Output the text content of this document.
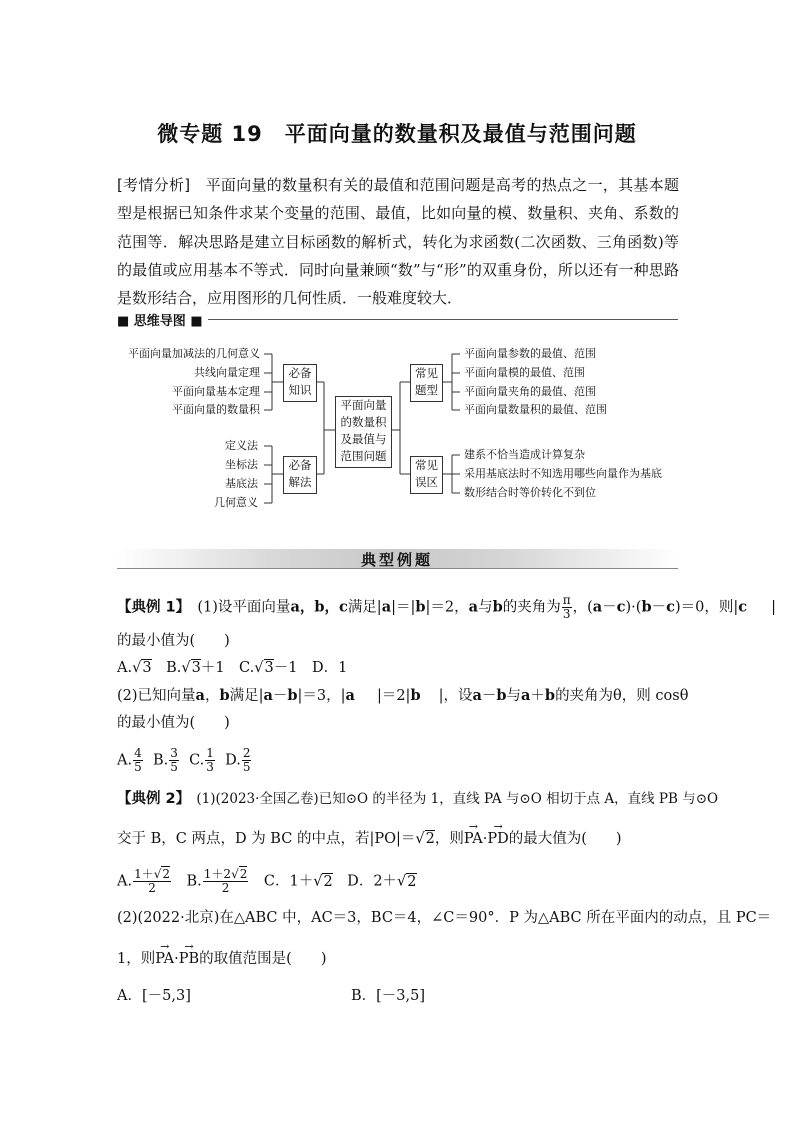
微专题 19　平面向量的数量积及最值与范围问题
[考情分析]　平面向量的数量积有关的最值和范围问题是高考的热点之一，其基本题型是根据已知条件求某个变量的范围、最值，比如向量的模、数量积、夹角、系数的范围等．解决思路是建立目标函数的解析式，转化为求函数(二次函数、三角函数)等的最值或应用基本不等式．同时向量兼顾“数”与“形”的双重身份，所以还有一种思路是数形结合，应用图形的几何性质．一般难度较大．
■ 思维导图 ■
平面向量加减法的几何意义
共线向量定理
平面向量基本定理
平面向量的数量积
定义法
坐标法
基底法
几何意义
必备
知识
必备
解法
平面向量
的数量积
及最值与
范围问题
常见
题型
常见
误区
平面向量参数的最值、范围
平面向量模的最值、范围
平面向量夹角的最值、范围
平面向量数量积的最值、范围
建系不恰当造成计算复杂
采用基底法时不知选用哪些向量作为基底
数形结合时等价转化不到位
典型例题
【典例 1】　(1)设平面向量a，b，c满足|a|＝|b|＝2，a与b的夹角为 $\frac{\pi}{3}$ ，(a－c)·(b－c)＝0，则|c |
的最小值为(　　)
A.√3　B.√3＋1　C.√3－1　D．1
(2)已知向量a，b满足|a－b|＝3，|a |＝2|b |，设a－b与a＋b的夹角为θ，则 cosθ
的最小值为(　　)
A. $\frac{4}{5} B$. $\frac{3}{5} C$. $\frac{1}{3} D$. $\frac{2}{5}$
【典例 2】　(1)(2023·全国乙卷)已知⊙O 的半径为 1，直线 PA 与⊙O 相切于点 A，直线 PB 与⊙O
交于 B，C 两点，D 为 BC 的中点，若|PO|＝√2，则→ PA·→ PD的最大值为(　　)
A. $\frac{1+√2}{2}$ 　B. $\frac{1+2√2}{2}$ 　C．1＋√2　D．2＋√2
(2)(2022·北京)在△ABC 中，AC＝3，BC＝4，∠C＝90°．P 为△ABC 所在平面内的动点，且 PC＝
1，则→ PA·→ PB的取值范围是(　　)
A．[－5,3]	B．[－3,5]
